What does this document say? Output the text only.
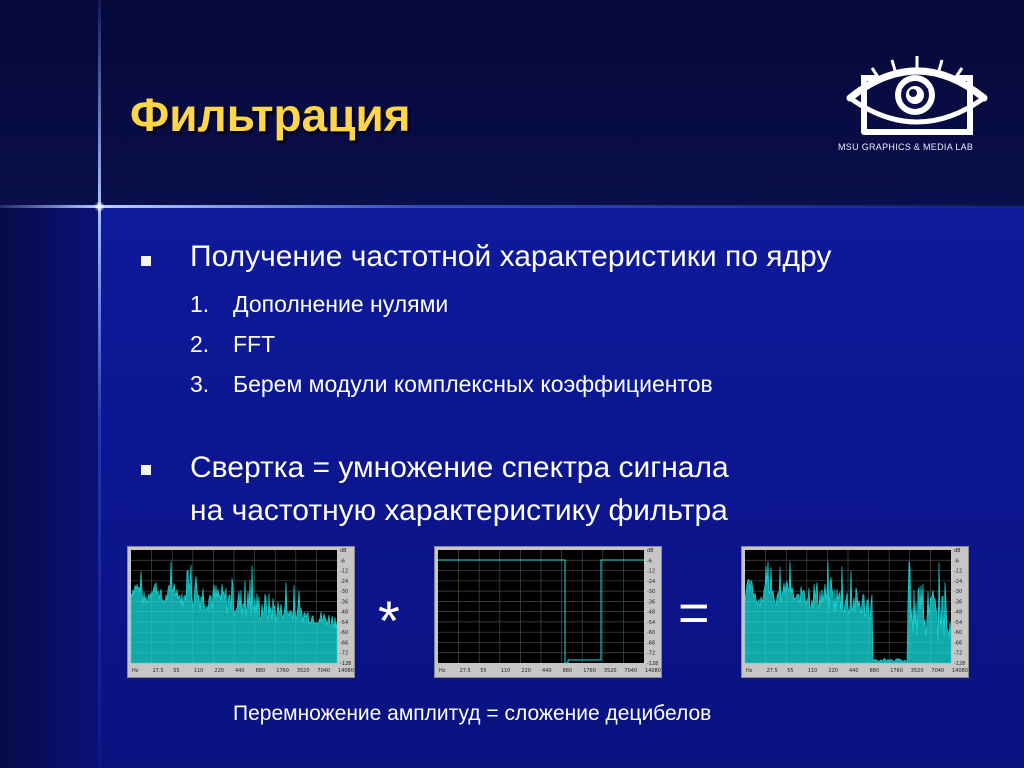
Фильтрация
MSU GRAPHICS & MEDIA LAB
Получение частотной характеристики по ядру
1. Дополнение нулями
2. FFT
3. Берем модули комплексных коэффициентов
Свертка = умножение спектра сигнала
на частотную характеристику фильтра
dB
-6
-12
-24
-30
-36
-48
-54
-60
-66
-72
-128
Hz	27.5 55	110 220 440 880 1760 3520 7040 14080
*
dB
-6
-12
-24
-30
-36
-48
-54
-60
-66
-72
-128
Hz	27.5 55	110 220 440 880 1760 3520 7040 14080
=
dB
-6
-12
-24
-30
-36
-48
-54
-60
-66
-72
-128
Hz	27.5 55	110 220 440 880 1760 3520 7040 14080
Перемножение амплитуд = сложение децибелов
